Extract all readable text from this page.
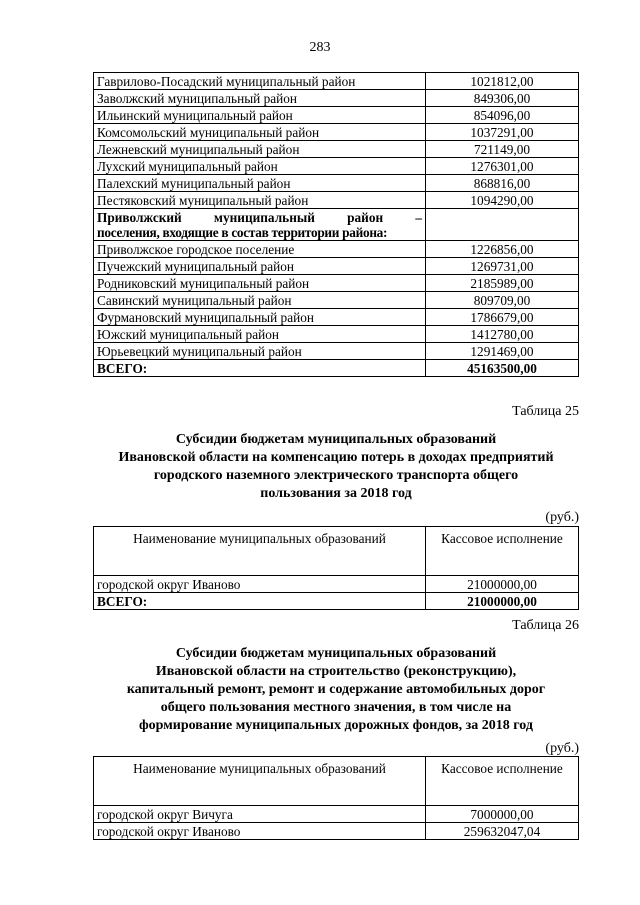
283
Гаврилово-Посадский муниципальный район	1021812,00
Заволжский муниципальный район	849306,00
Ильинский муниципальный район	854096,00
Комсомольский муниципальный район	1037291,00
Лежневский муниципальный район	721149,00
Лухский муниципальный район	1276301,00
Палехский муниципальный район	868816,00
Пестяковский муниципальный район	1094290,00

Приволжский муниципальный район –
поселения, входящие в состав территории района:	

Приволжское городское поселение	1226856,00
Пучежский муниципальный район	1269731,00
Родниковский муниципальный район	2185989,00
Савинский муниципальный район	809709,00
Фурмановский муниципальный район	1786679,00
Южский муниципальный район	1412780,00
Юрьевецкий муниципальный район	1291469,00
ВСЕГО:	45163500,00
Таблица 25
Субсидии бюджетам муниципальных образований
Ивановской области на компенсацию потерь в доходах предприятий
городского наземного электрического транспорта общего
пользования за 2018 год
(руб.)
Наименование муниципальных образований	Кассовое исполнение
городской округ Иваново	21000000,00
ВСЕГО:	21000000,00
Таблица 26
Субсидии бюджетам муниципальных образований
Ивановской области на строительство (реконструкцию),
капитальный ремонт, ремонт и содержание автомобильных дорог
общего пользования местного значения, в том числе на
формирование муниципальных дорожных фондов, за 2018 год
(руб.)
Наименование муниципальных образований	Кассовое исполнение
городской округ Вичуга	7000000,00
городской округ Иваново	259632047,04
